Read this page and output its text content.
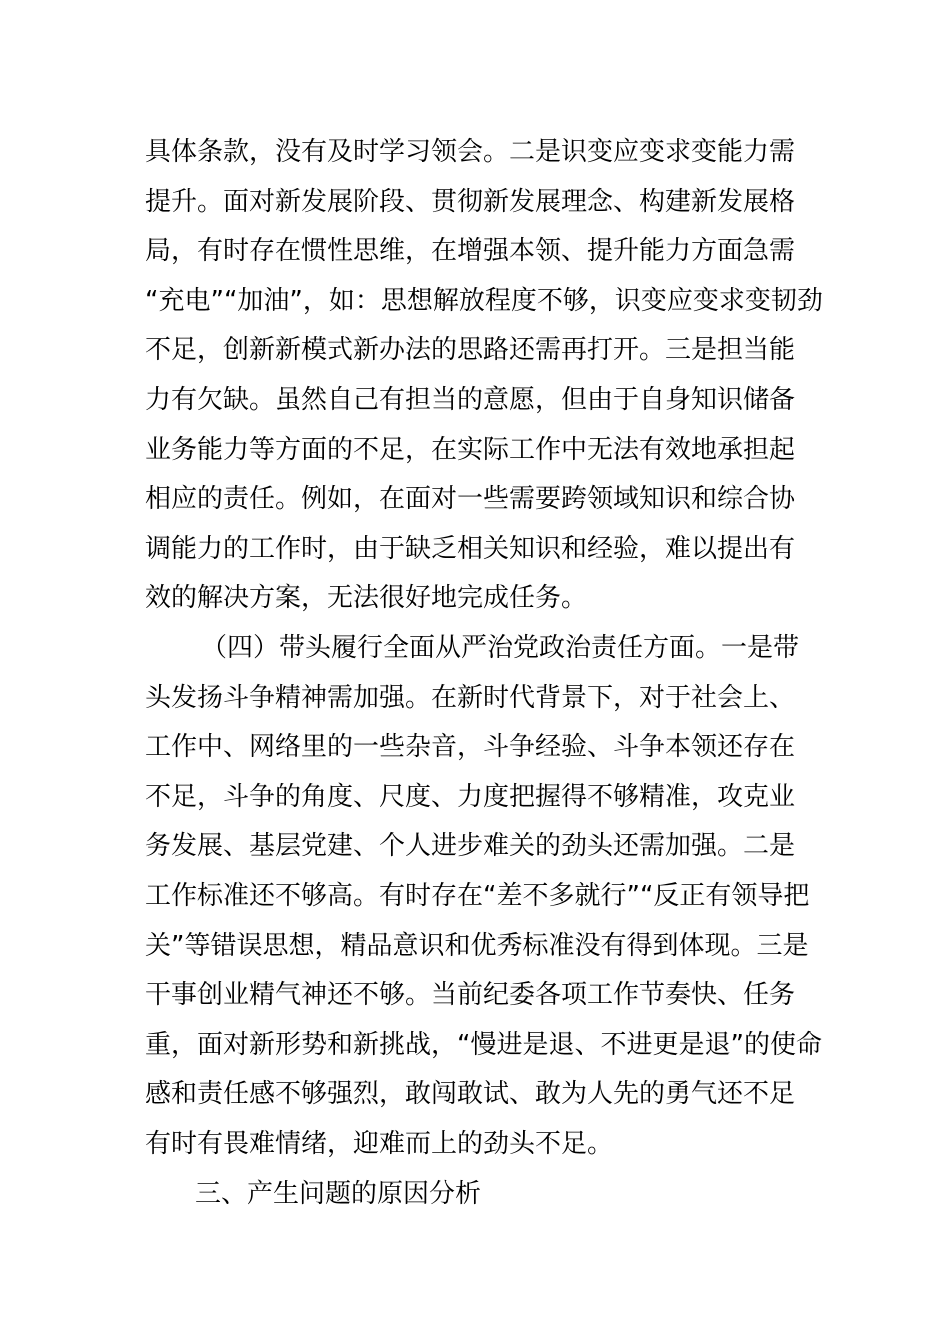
具体条款，没有及时学习领会。二是识变应变求变能力需
提升。面对新发展阶段、贯彻新发展理念、构建新发展格
局，有时存在惯性思维，在增强本领、提升能力方面急需
“充电”“加油”，如：思想解放程度不够，识变应变求变韧劲
不足，创新新模式新办法的思路还需再打开。三是担当能
力有欠缺。虽然自己有担当的意愿，但由于自身知识储备
业务能力等方面的不足，在实际工作中无法有效地承担起
相应的责任。例如，在面对一些需要跨领域知识和综合协
调能力的工作时，由于缺乏相关知识和经验，难以提出有
效的解决方案，无法很好地完成任务。
（四）带头履行全面从严治党政治责任方面。一是带
头发扬斗争精神需加强。在新时代背景下，对于社会上、
工作中、网络里的一些杂音，斗争经验、斗争本领还存在
不足，斗争的角度、尺度、力度把握得不够精准，攻克业
务发展、基层党建、个人进步难关的劲头还需加强。二是
工作标准还不够高。有时存在“差不多就行”“反正有领导把
关”等错误思想，精品意识和优秀标准没有得到体现。三是
干事创业精气神还不够。当前纪委各项工作节奏快、任务
重，面对新形势和新挑战，“慢进是退、不进更是退”的使命
感和责任感不够强烈，敢闯敢试、敢为人先的勇气还不足
有时有畏难情绪，迎难而上的劲头不足。
三、产生问题的原因分析
